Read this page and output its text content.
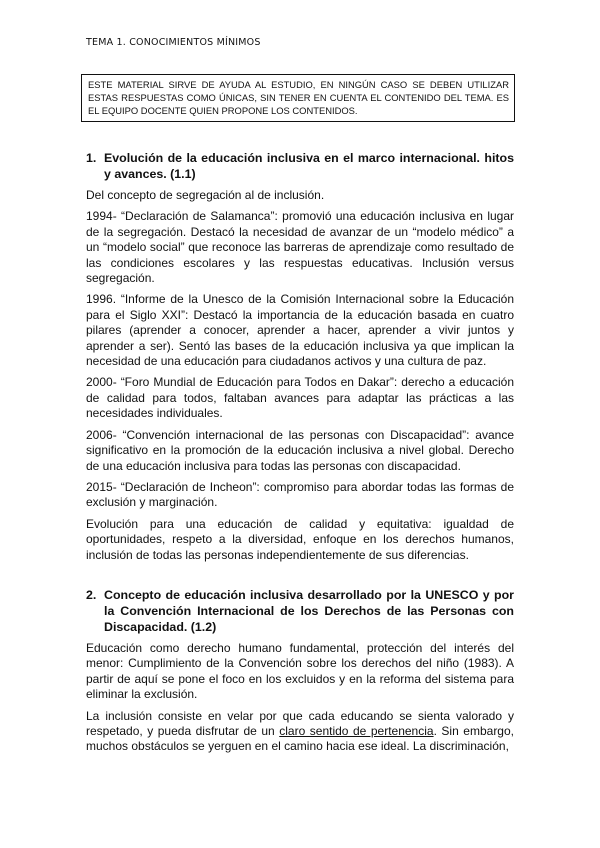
TEMA 1. CONOCIMIENTOS MÍNIMOS
ESTE MATERIAL SIRVE DE AYUDA AL ESTUDIO, EN NINGÚN CASO SE DEBEN UTILIZAR ESTAS RESPUESTAS COMO ÚNICAS, SIN TENER EN CUENTA EL CONTENIDO DEL TEMA. ES EL EQUIPO DOCENTE QUIEN PROPONE LOS CONTENIDOS.
1. Evolución de la educación inclusiva en el marco internacional. hitos y avances. (1.1)

Del concepto de segregación al de inclusión.

1994- “Declaración de Salamanca”: promovió una educación inclusiva en lugar de la segregación. Destacó la necesidad de avanzar de un “modelo médico” a un “modelo social” que reconoce las barreras de aprendizaje como resultado de las condiciones escolares y las respuestas educativas. Inclusión versus segregación.

1996. “Informe de la Unesco de la Comisión Internacional sobre la Educación para el Siglo XXI”: Destacó la importancia de la educación basada en cuatro pilares (aprender a conocer, aprender a hacer, aprender a vivir juntos y aprender a ser). Sentó las bases de la educación inclusiva ya que implican la necesidad de una educación para ciudadanos activos y una cultura de paz.

2000- “Foro Mundial de Educación para Todos en Dakar”: derecho a educación de calidad para todos, faltaban avances para adaptar las prácticas a las necesidades individuales.

2006- “Convención internacional de las personas con Discapacidad”: avance significativo en la promoción de la educación inclusiva a nivel global. Derecho de una educación inclusiva para todas las personas con discapacidad.

2015- “Declaración de Incheon”: compromiso para abordar todas las formas de exclusión y marginación.

Evolución para una educación de calidad y equitativa: igualdad de oportunidades, respeto a la diversidad, enfoque en los derechos humanos, inclusión de todas las personas independientemente de sus diferencias.

2. Concepto de educación inclusiva desarrollado por la UNESCO y por la Convención Internacional de los Derechos de las Personas con Discapacidad. (1.2)

Educación como derecho humano fundamental, protección del interés del menor: Cumplimiento de la Convención sobre los derechos del niño (1983). A partir de aquí se pone el foco en los excluidos y en la reforma del sistema para eliminar la exclusión.

La inclusión consiste en velar por que cada educando se sienta valorado y respetado, y pueda disfrutar de un claro sentido de pertenencia. Sin embargo, muchos obstáculos se yerguen en el camino hacia ese ideal. La discriminación,
